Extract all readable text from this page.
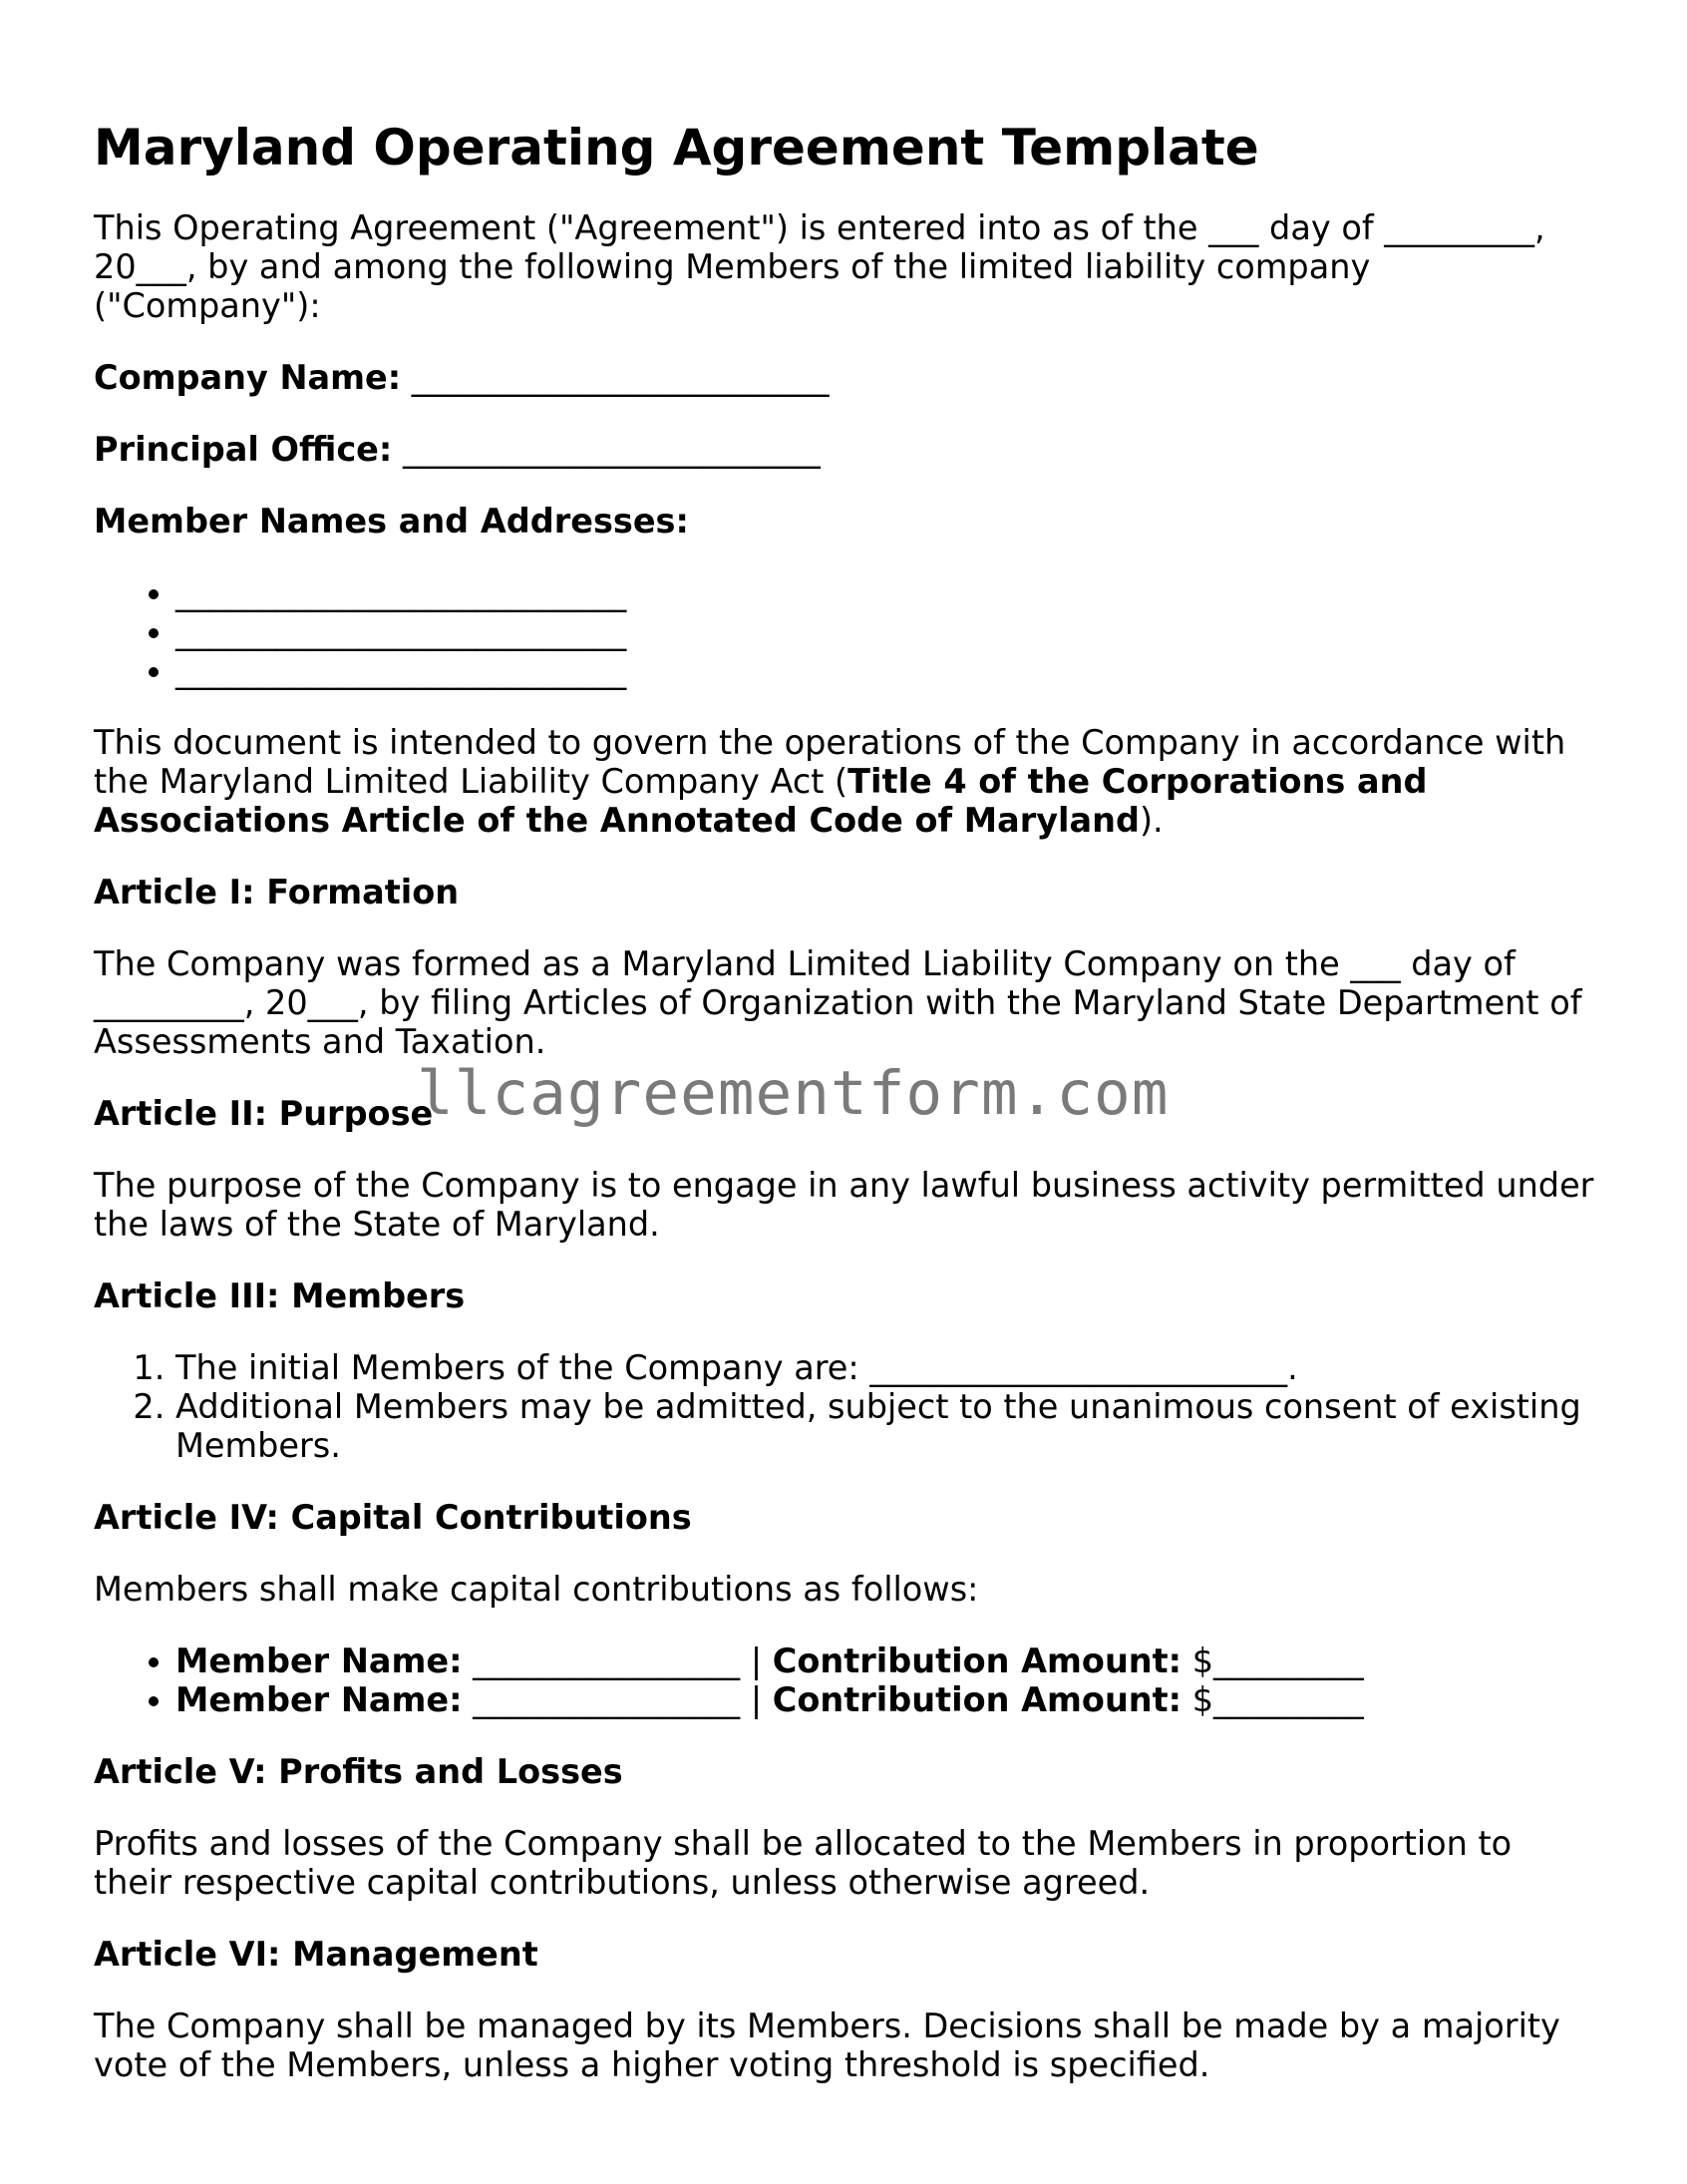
Maryland Operating Agreement Template

This Operating Agreement ("Agreement") is entered into as of the ___ day of _________, 20___, by and among the following Members of the limited liability company ("Company"):

Company Name: _________________________

Principal Office: _________________________

Member Names and Addresses:

• ___________________________
• ___________________________
• ___________________________

This document is intended to govern the operations of the Company in accordance with the Maryland Limited Liability Company Act (Title 4 of the Corporations and Associations Article of the Annotated Code of Maryland).

Article I: Formation

The Company was formed as a Maryland Limited Liability Company on the ___ day of _________, 20___, by filing Articles of Organization with the Maryland State Department of Assessments and Taxation.

Article II: Purpose

The purpose of the Company is to engage in any lawful business activity permitted under the laws of the State of Maryland.

Article III: Members

1. The initial Members of the Company are: _________________________.
2. Additional Members may be admitted, subject to the unanimous consent of existing Members.

Article IV: Capital Contributions

Members shall make capital contributions as follows:

• Member Name: ________________ | Contribution Amount: $_________
• Member Name: ________________ | Contribution Amount: $_________

Article V: Profits and Losses

Profits and losses of the Company shall be allocated to the Members in proportion to their respective capital contributions, unless otherwise agreed.

Article VI: Management

The Company shall be managed by its Members. Decisions shall be made by a majority vote of the Members, unless a higher voting threshold is specified.

llcagreementform.com
